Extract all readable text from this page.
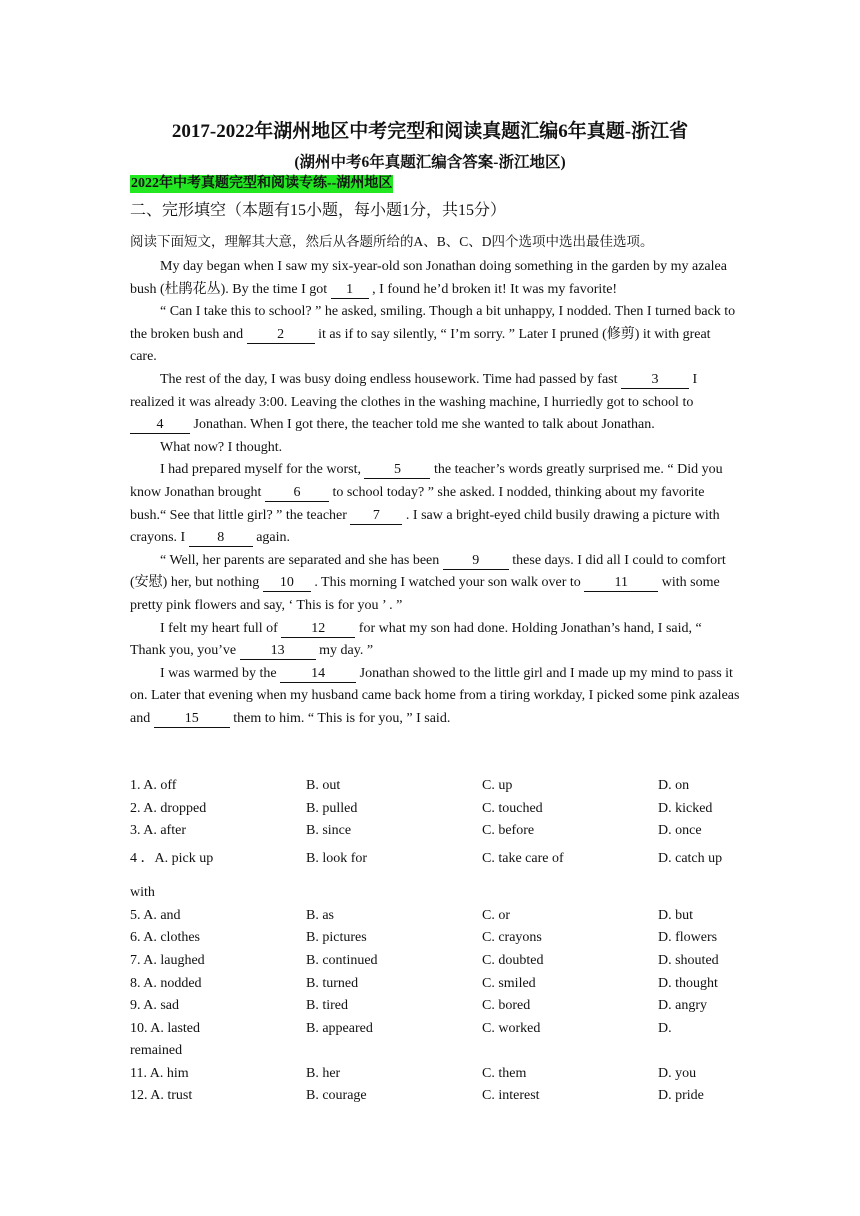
2017-2022年湖州地区中考完型和阅读真题汇编6年真题-浙江省
(湖州中考6年真题汇编含答案-浙江地区)
2022年中考真题完型和阅读专练--湖州地区
二、完形填空（本题有15小题，每小题1分，共15分）
阅读下面短文，理解其大意，然后从各题所给的A、B、C、D四个选项中选出最佳选项。

My day began when I saw my six-year-old son Jonathan doing something in the garden by my azalea bush (杜鹃花丛). By the time I got 1 , I found he’d broken it! It was my favorite!

“ Can I take this to school? ” he asked, smiling. Though a bit unhappy, I nodded. Then I turned back to the broken bush and 2 it as if to say silently, “ I’m sorry. ” Later I pruned (修剪) it with great care.

The rest of the day, I was busy doing endless housework. Time had passed by fast 3 I realized it was already 3:00. Leaving the clothes in the washing machine, I hurriedly got to school to 4 Jonathan. When I got there, the teacher told me she wanted to talk about Jonathan.

What now? I thought.

I had prepared myself for the worst, 5 the teacher’s words greatly surprised me. “ Did you know Jonathan brought 6 to school today? ” she asked. I nodded, thinking about my favorite bush.“ See that little girl? ” the teacher 7 . I saw a bright-eyed child busily drawing a picture with crayons. I 8 again.

“ Well, her parents are separated and she has been 9 these days. I did all I could to comfort (安慰) her, but nothing 10 . This morning I watched your son walk over to 11 with some pretty pink flowers and say, ‘ This is for you ’ . ”

I felt my heart full of 12 for what my son had done. Holding Jonathan’s hand, I said, “ Thank you, you’ve 13 my day. ”

I was warmed by the 14 Jonathan showed to the little girl and I made up my mind to pass it on. Later that evening when my husband came back home from a tiring workday, I picked some pink azaleas and 15 them to him. “ This is for you, ” I said.

1. A. off	B. out	C. up	D. on
2. A. dropped	B. pulled	C. touched	D. kicked
3. A. after	B. since	C. before	D. once
4 ．A. pick up	B. look for	C. take care of	D. catch up
with
5. A. and	B. as	C. or	D. but
6. A. clothes	B. pictures	C. crayons	D. flowers
7. A. laughed	B. continued	C. doubted	D. shouted
8. A. nodded	B. turned	C. smiled	D. thought
9. A. sad	B. tired	C. bored	D. angry
10. A. lasted	B. appeared	C. worked	D.
remained
11. A. him	B. her	C. them	D. you
12. A. trust	B. courage	C. interest	D. pride
